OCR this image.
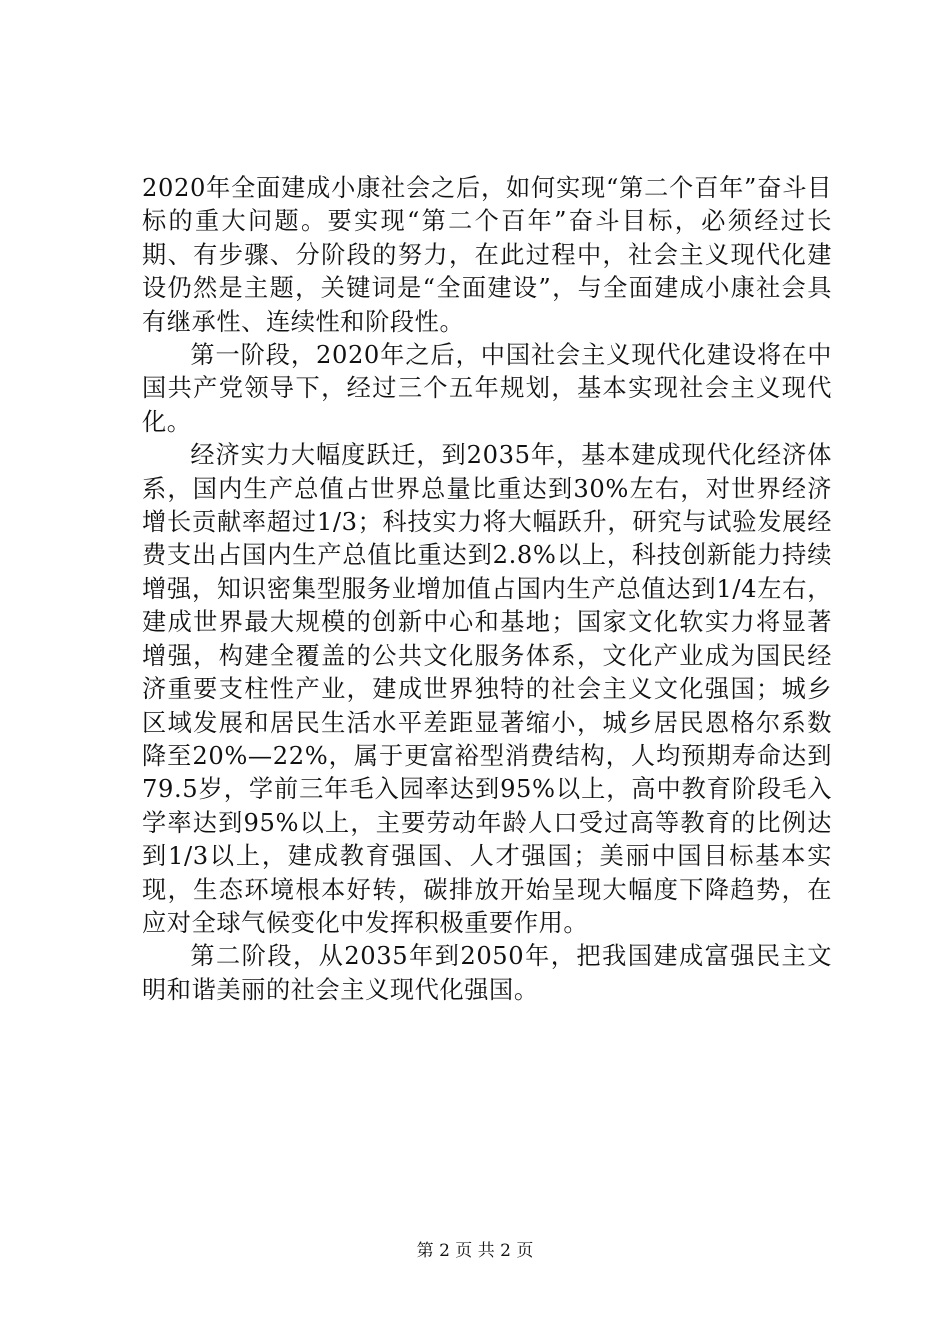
2020年全面建成小康社会之后，如何实现“第二个百年”奋斗目标的重大问题。要实现“第二个百年”奋斗目标，必须经过长期、有步骤、分阶段的努力，在此过程中，社会主义现代化建设仍然是主题，关键词是“全面建设”，与全面建成小康社会具有继承性、连续性和阶段性。

第一阶段，2020年之后，中国社会主义现代化建设将在中国共产党领导下，经过三个五年规划，基本实现社会主义现代化。

经济实力大幅度跃迁，到2035年，基本建成现代化经济体系，国内生产总值占世界总量比重达到30%左右，对世界经济增长贡献率超过1/3；科技实力将大幅跃升，研究与试验发展经费支出占国内生产总值比重达到2.8%以上，科技创新能力持续增强，知识密集型服务业增加值占国内生产总值达到1/4左右，建成世界最大规模的创新中心和基地；国家文化软实力将显著增强，构建全覆盖的公共文化服务体系，文化产业成为国民经济重要支柱性产业，建成世界独特的社会主义文化强国；城乡区域发展和居民生活水平差距显著缩小，城乡居民恩格尔系数降至20%—22%，属于更富裕型消费结构，人均预期寿命达到79.5岁，学前三年毛入园率达到95%以上，高中教育阶段毛入学率达到95%以上，主要劳动年龄人口受过高等教育的比例达到1/3以上，建成教育强国、人才强国；美丽中国目标基本实现，生态环境根本好转，碳排放开始呈现大幅度下降趋势，在应对全球气候变化中发挥积极重要作用。

第二阶段，从2035年到2050年，把我国建成富强民主文明和谐美丽的社会主义现代化强国。

第 2 页 共 2 页
